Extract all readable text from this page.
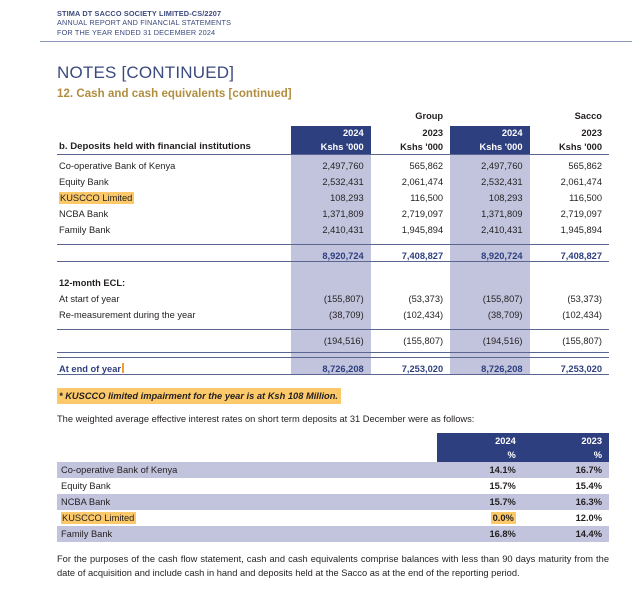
STIMA DT SACCO SOCIETY LIMITED-CS/2207
ANNUAL REPORT AND FINANCIAL STATEMENTS
FOR THE YEAR ENDED 31 DECEMBER 2024
NOTES [CONTINUED]
12. Cash and cash equivalents [continued]
		Group		Sacco
	2024	2023	2024	2023
b. Deposits held with financial institutions	Kshs '000	Kshs '000	Kshs '000	Kshs '000
Co-operative Bank of Kenya	2,497,760	565,862	2,497,760	565,862
Equity Bank	2,532,431	2,061,474	2,532,431	2,061,474
KUSCCO Limited	108,293	116,500	108,293	116,500
NCBA Bank	1,371,809	2,719,097	1,371,809	2,719,097
Family Bank	2,410,431	1,945,894	2,410,431	1,945,894

	8,920,724	7,408,827	8,920,724	7,408,827

12-month ECL:				
At start of year	(155,807)	(53,373)	(155,807)	(53,373)
Re-measurement during the year	(38,709)	(102,434)	(38,709)	(102,434)

	(194,516)	(155,807)	(194,516)	(155,807)

At end of year	8,726,208	7,253,020	8,726,208	7,253,020
* KUSCCO limited impairment for the year is at Ksh 108 Million.
The weighted average effective interest rates on short term deposits at 31 December were as follows:
	2024	2023
	%	%
Co-operative Bank of Kenya	14.1%	16.7%
Equity Bank	15.7%	15.4%
NCBA Bank	15.7%	16.3%
KUSCCO Limited	0.0%	12.0%
Family Bank	16.8%	14.4%
For the purposes of the cash flow statement, cash and cash equivalents comprise balances with less than 90 days maturity from the date of acquisition and include cash in hand and deposits held at the Sacco as at the end of the reporting period.
